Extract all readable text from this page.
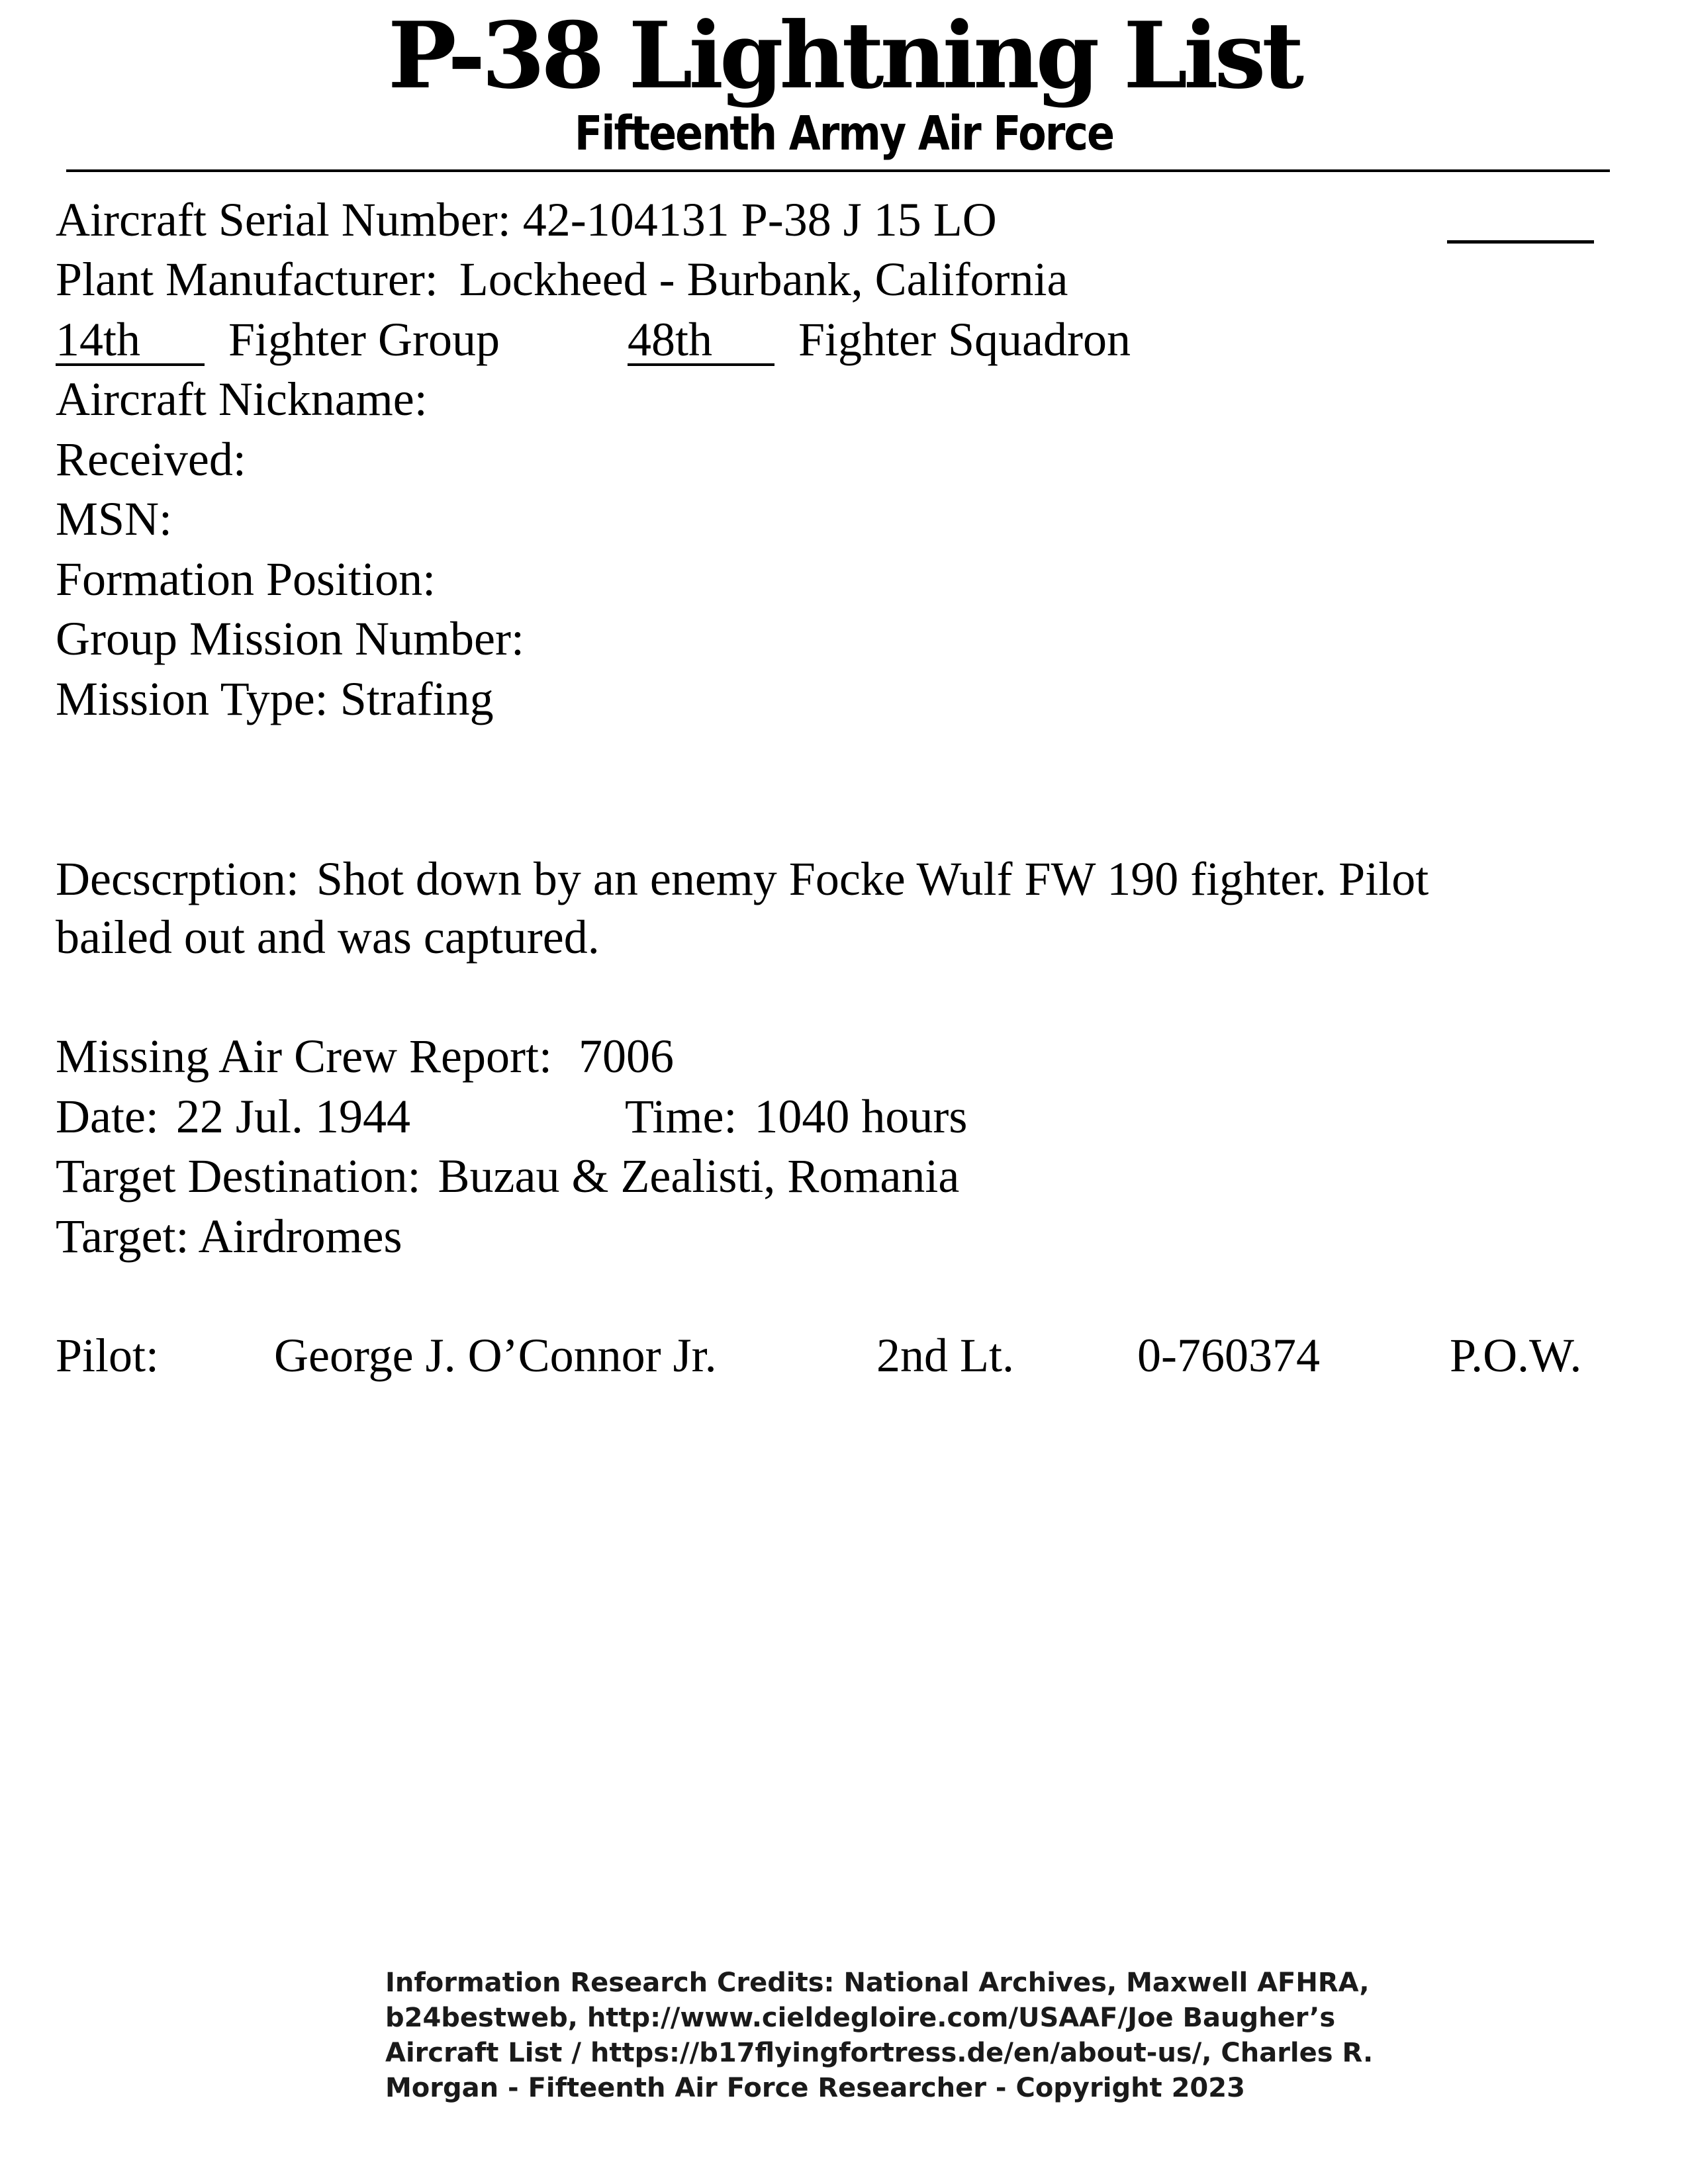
P-38 Lightning List
Fifteenth Army Air Force
Aircraft Serial Number: 42-104131 P-38 J 15 LO
Plant Manufacturer: Lockheed - Burbank, California
14th Fighter Group	48th Fighter Squadron
Aircraft Nickname:
Received:
MSN:
Formation Position:
Group Mission Number:
Mission Type: Strafing
Decscrption: Shot down by an enemy Focke Wulf FW 190 fighter. Pilot
bailed out and was captured.
Missing Air Crew Report: 7006
Date: 22 Jul. 1944	Time: 1040 hours
Target Destination: Buzau & Zealisti, Romania
Target: Airdromes
Pilot: George J. O’Connor Jr.	2nd Lt.	0-760374	P.O.W.
Information Research Credits: National Archives, Maxwell AFHRA,
b24bestweb, http://www.cieldegloire.com/USAAF/Joe Baugher’s
Aircraft List / https://b17flyingfortress.de/en/about-us/, Charles R.
Morgan - Fifteenth Air Force Researcher - Copyright 2023
